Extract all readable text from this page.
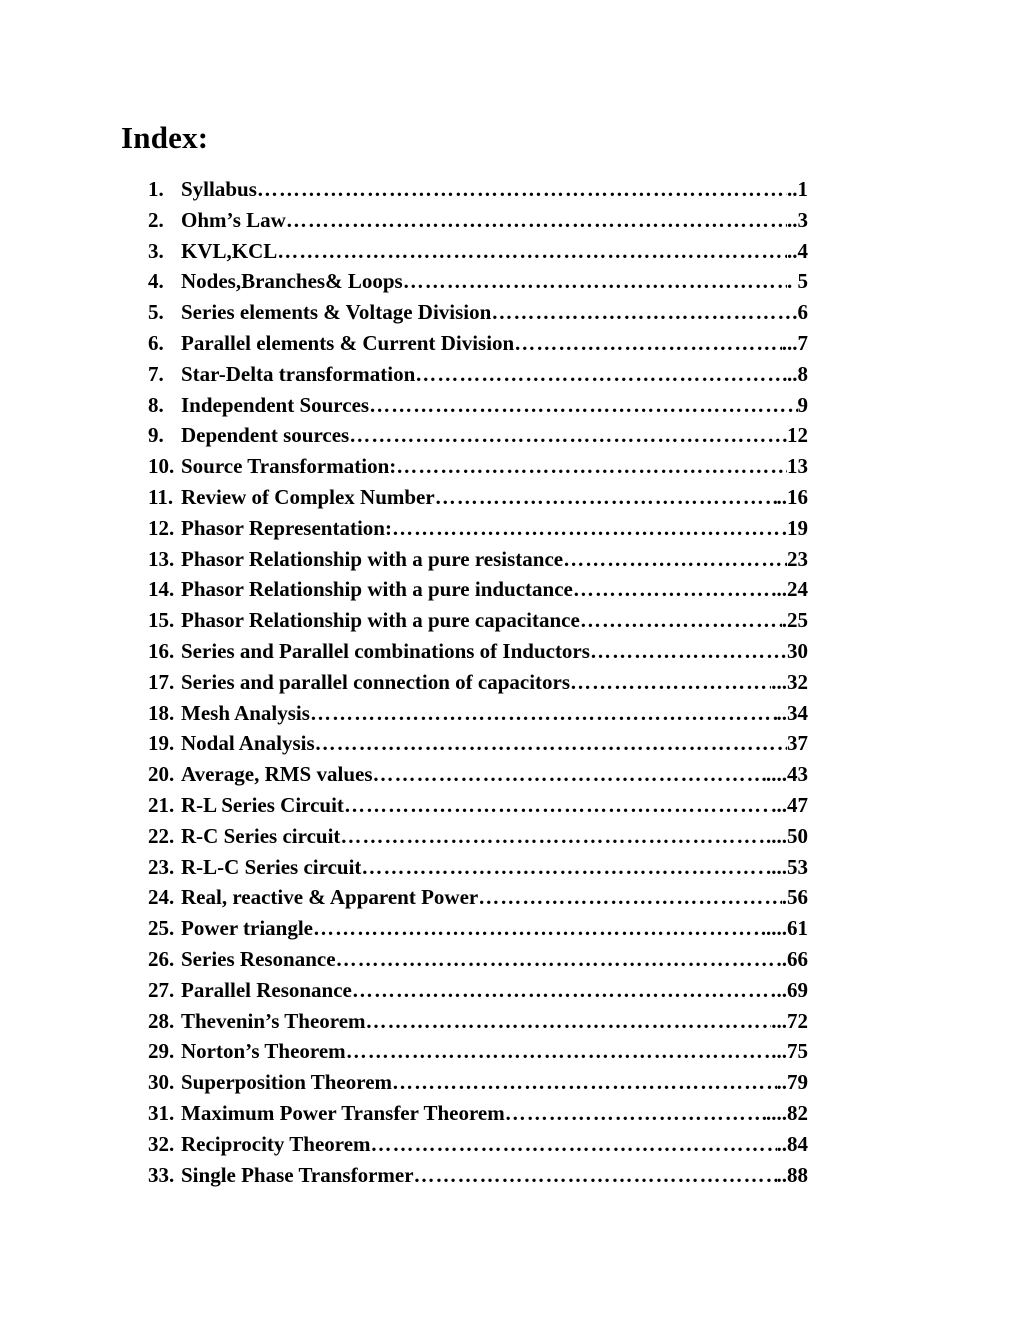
Index:
1. Syllabus ……………………………………………………………………………………………………………………………………………………………………………………………	..1
2. Ohm’s Law ……………………………………………………………………………………………………………………………………………………………………………………………	..3
3. KVL,KCL ……………………………………………………………………………………………………………………………………………………………………………………………	..4
4. Nodes,Branches& Loops ……………………………………………………………………………………………………………………………………………………………………………………………	. 5
5. Series elements & Voltage Division ……………………………………………………………………………………………………………………………………………………………………………………………	.6
6. Parallel elements & Current Division ……………………………………………………………………………………………………………………………………………………………………………………………	...7
7. Star-Delta transformation ……………………………………………………………………………………………………………………………………………………………………………………………	..8
8. Independent Sources ……………………………………………………………………………………………………………………………………………………………………………………………	9
9. Dependent sources ……………………………………………………………………………………………………………………………………………………………………………………………	12
10. Source Transformation: ……………………………………………………………………………………………………………………………………………………………………………………………	13
11. Review of Complex Number ……………………………………………………………………………………………………………………………………………………………………………………………	..16
12. Phasor Representation: ……………………………………………………………………………………………………………………………………………………………………………………………	.19
13. Phasor Relationship with a pure resistance ……………………………………………………………………………………………………………………………………………………………………………………………	23
14. Phasor Relationship with a pure inductance ……………………………………………………………………………………………………………………………………………………………………………………………	...24
15. Phasor Relationship with a pure capacitance ……………………………………………………………………………………………………………………………………………………………………………………………	.25
16. Series and Parallel combinations of Inductors ……………………………………………………………………………………………………………………………………………………………………………………………	30
17. Series and parallel connection of capacitors ……………………………………………………………………………………………………………………………………………………………………………………………	...32
18. Mesh Analysis ……………………………………………………………………………………………………………………………………………………………………………………………	..34
19. Nodal Analysis ……………………………………………………………………………………………………………………………………………………………………………………………	37
20. Average, RMS values ……………………………………………………………………………………………………………………………………………………………………………………………	....43
21. R-L Series Circuit ……………………………………………………………………………………………………………………………………………………………………………………………	...47
22. R-C Series circuit ……………………………………………………………………………………………………………………………………………………………………………………………	....50
23. R-L-C Series circuit ……………………………………………………………………………………………………………………………………………………………………………………………	....53
24. Real, reactive & Apparent Power ……………………………………………………………………………………………………………………………………………………………………………………………	.56
25. Power triangle ……………………………………………………………………………………………………………………………………………………………………………………………	....61
26. Series Resonance ……………………………………………………………………………………………………………………………………………………………………………………………	.66
27. Parallel Resonance ……………………………………………………………………………………………………………………………………………………………………………………………	..69
28. Thevenin’s Theorem ……………………………………………………………………………………………………………………………………………………………………………………………	...72
29. Norton’s Theorem ……………………………………………………………………………………………………………………………………………………………………………………………	...75
30. Superposition Theorem ……………………………………………………………………………………………………………………………………………………………………………………………	..79
31. Maximum Power Transfer Theorem ……………………………………………………………………………………………………………………………………………………………………………………………	....82
32. Reciprocity Theorem ……………………………………………………………………………………………………………………………………………………………………………………………	..84
33. Single Phase Transformer ……………………………………………………………………………………………………………………………………………………………………………………………	..88
